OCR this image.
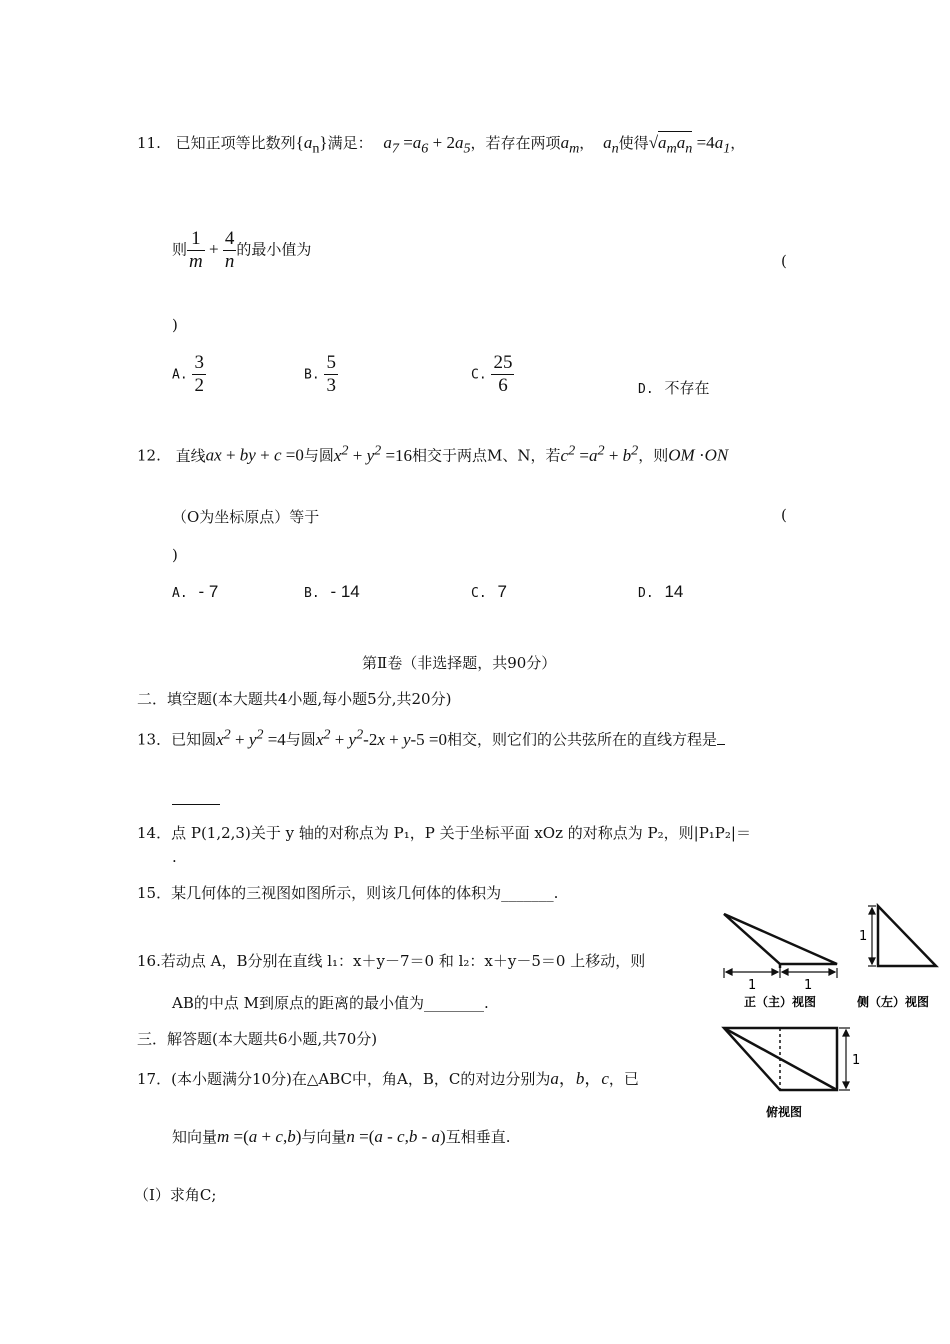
11. 已知正项等比数列$\{a_n\}$满足： $a_7 =a_6 + 2a_5$，若存在两项$a_m$， $a_n$使得$√a_ma_n =4a_1$，
则 $\frac{1}{m} + \frac{4}{n}$ 的最小值为
(
)
A. $\frac{3}{2}$	B. $\frac{5}{3}$	C. $\frac{25}{6}$	D. 不存在
12. 直线ax + by + c =0与圆$x^2 + y^2 =16$相交于两点M、N，若$c^2 =a^2 + b^2$，则OM ·ON
（O为坐标原点）等于	(
)
A. - 7	B. - 14	C. 7	D. 14
第Ⅱ卷（非选择题，共90分）
二．填空题(本大题共4小题,每小题5分,共20分)
13．已知圆$x^2 + y^2 =4$与圆$x^2 + y^2-2x + y-5 =0$相交，则它们的公共弦所在的直线方程是
14．点 P(1,2,3)关于 y 轴的对称点为 P₁，P 关于坐标平面 xOz 的对称点为 P₂，则|P₁P₂|＝
.
15．某几何体的三视图如图所示，则该几何体的体积为_______.
16.若动点 A，B分别在直线 l₁：x＋y－7＝0 和 l₂：x＋y－5＝0 上移动，则
AB的中点 M到原点的距离的最小值为________.
三．解答题(本大题共6小题,共70分)
17．(本小题满分10分)在△ABC中，角A，B，C的对边分别为a，b，c，已
知向量m =(a + c,b)与向量n =(a - c,b - a)互相垂直.
（Ⅰ）求角C;
1	1
正（主）视图
1
侧（左）视图
1
俯视图
